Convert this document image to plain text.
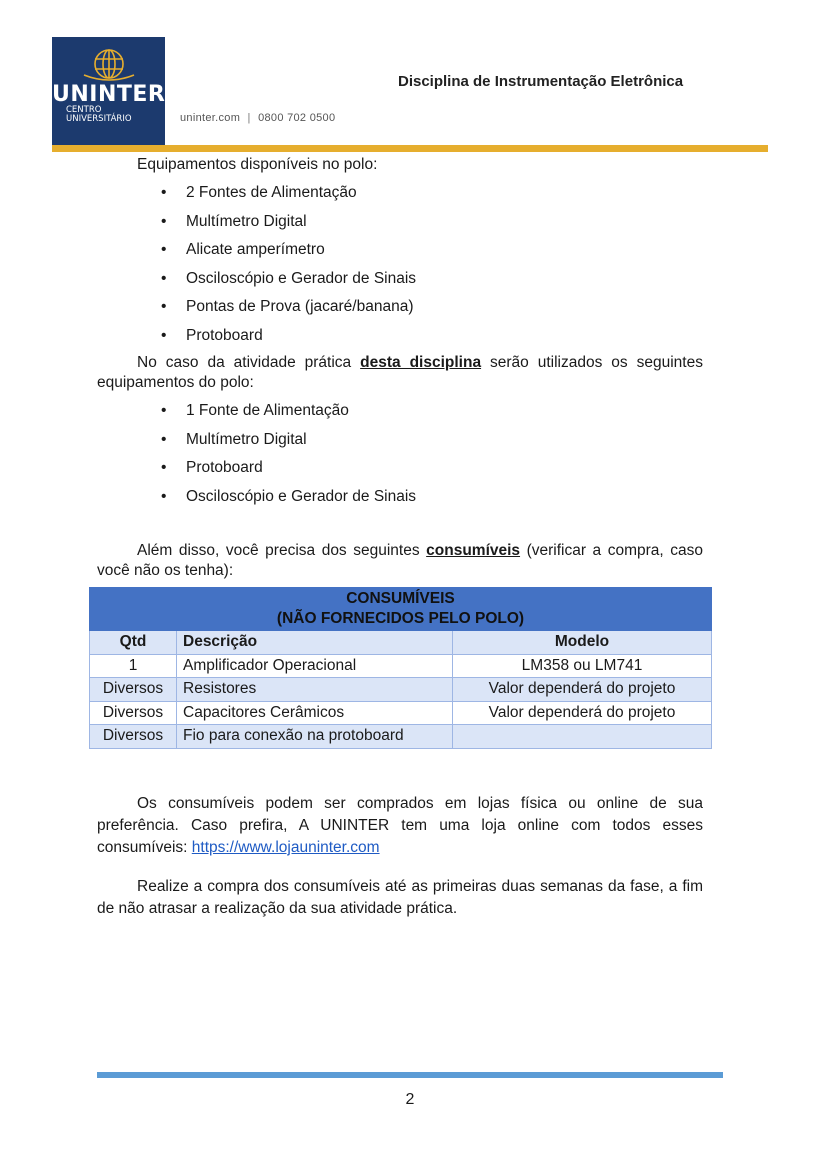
UNINTER
CENTRO
UNIVERSITÁRIO	uninter.com | 0800 702 0500
Disciplina de Instrumentação Eletrônica
Equipamentos disponíveis no polo:
• 2 Fontes de Alimentação
• Multímetro Digital
• Alicate amperímetro
• Osciloscópio e Gerador de Sinais
• Pontas de Prova (jacaré/banana)
• Protoboard
No caso da atividade prática desta disciplina serão utilizados os seguintes equipamentos do polo:
• 1 Fonte de Alimentação
• Multímetro Digital
• Protoboard
• Osciloscópio e Gerador de Sinais
Além disso, você precisa dos seguintes consumíveis (verificar a compra, caso você não os tenha):
CONSUMÍVEIS
(NÃO FORNECIDOS PELO POLO)		

Qtd	Descrição	Modelo
1	Amplificador Operacional	LM358 ou LM741
Diversos	Resistores	Valor dependerá do projeto
Diversos	Capacitores Cerâmicos	Valor dependerá do projeto
Diversos	Fio para conexão na protoboard	
Os consumíveis podem ser comprados em lojas física ou online de sua preferência. Caso prefira, A UNINTER tem uma loja online com todos esses consumíveis: https://www.lojauninter.com
Realize a compra dos consumíveis até as primeiras duas semanas da fase, a fim de não atrasar a realização da sua atividade prática.
2
